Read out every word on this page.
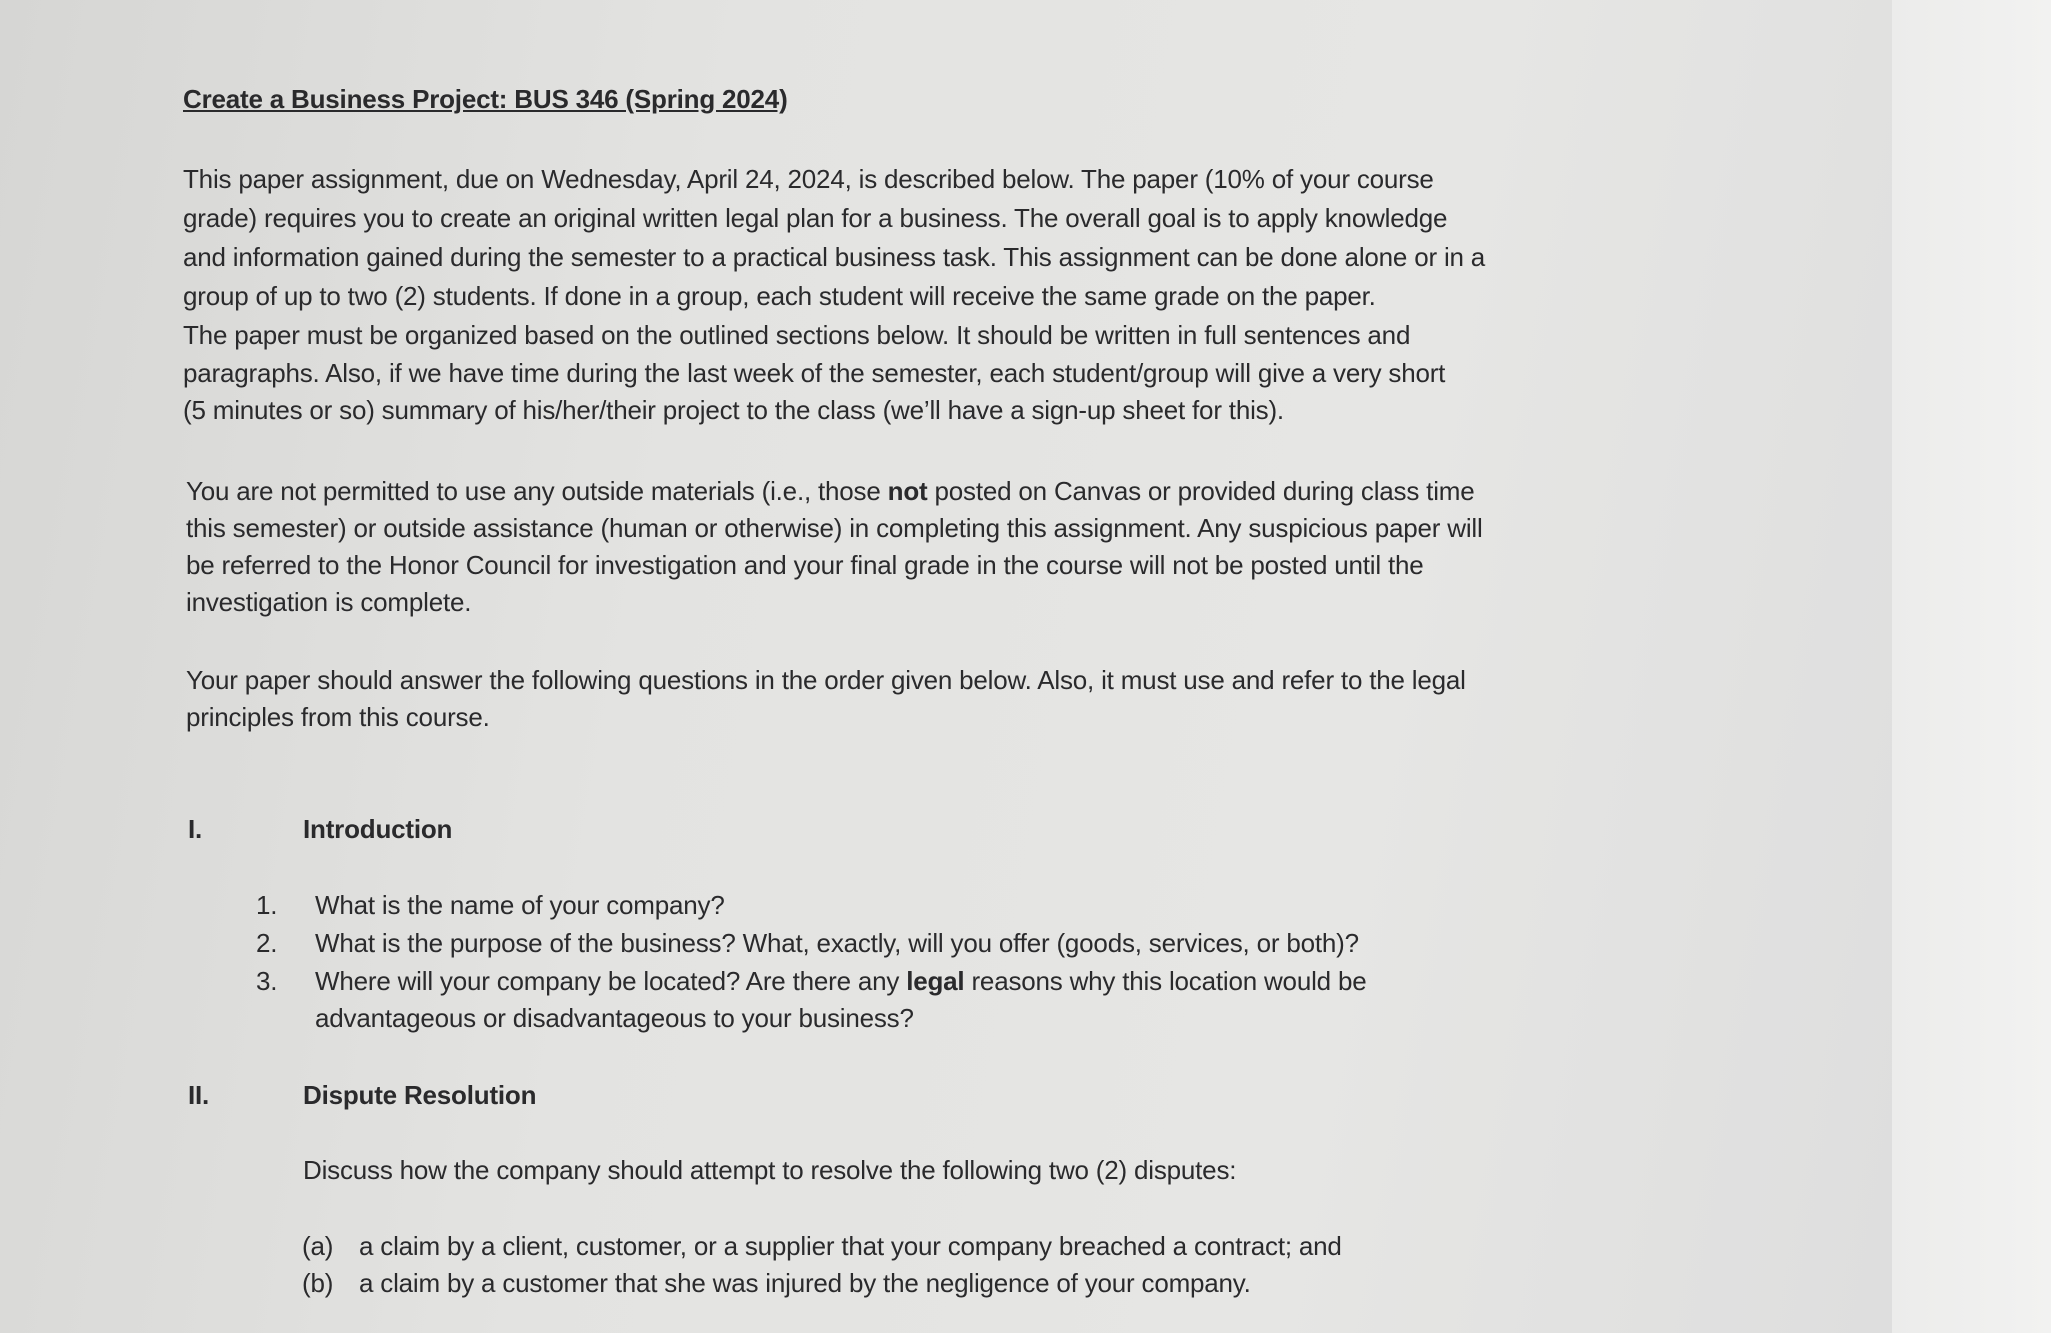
Create a Business Project: BUS 346 (Spring 2024)
This paper assignment, due on Wednesday, April 24, 2024, is described below. The paper (10% of your course
grade) requires you to create an original written legal plan for a business. The overall goal is to apply knowledge
and information gained during the semester to a practical business task. This assignment can be done alone or in a
group of up to two (2) students. If done in a group, each student will receive the same grade on the paper.
The paper must be organized based on the outlined sections below. It should be written in full sentences and
paragraphs. Also, if we have time during the last week of the semester, each student/group will give a very short
(5 minutes or so) summary of his/her/their project to the class (we’ll have a sign-up sheet for this).
You are not permitted to use any outside materials (i.e., those not posted on Canvas or provided during class time
this semester) or outside assistance (human or otherwise) in completing this assignment. Any suspicious paper will
be referred to the Honor Council for investigation and your final grade in the course will not be posted until the
investigation is complete.
Your paper should answer the following questions in the order given below. Also, it must use and refer to the legal
principles from this course.
I.	Introduction
1. What is the name of your company?
2. What is the purpose of the business? What, exactly, will you offer (goods, services, or both)?
3. Where will your company be located? Are there any legal reasons why this location would be
advantageous or disadvantageous to your business?
II.	Dispute Resolution
Discuss how the company should attempt to resolve the following two (2) disputes:
(a) a claim by a client, customer, or a supplier that your company breached a contract; and
(b) a claim by a customer that she was injured by the negligence of your company.
